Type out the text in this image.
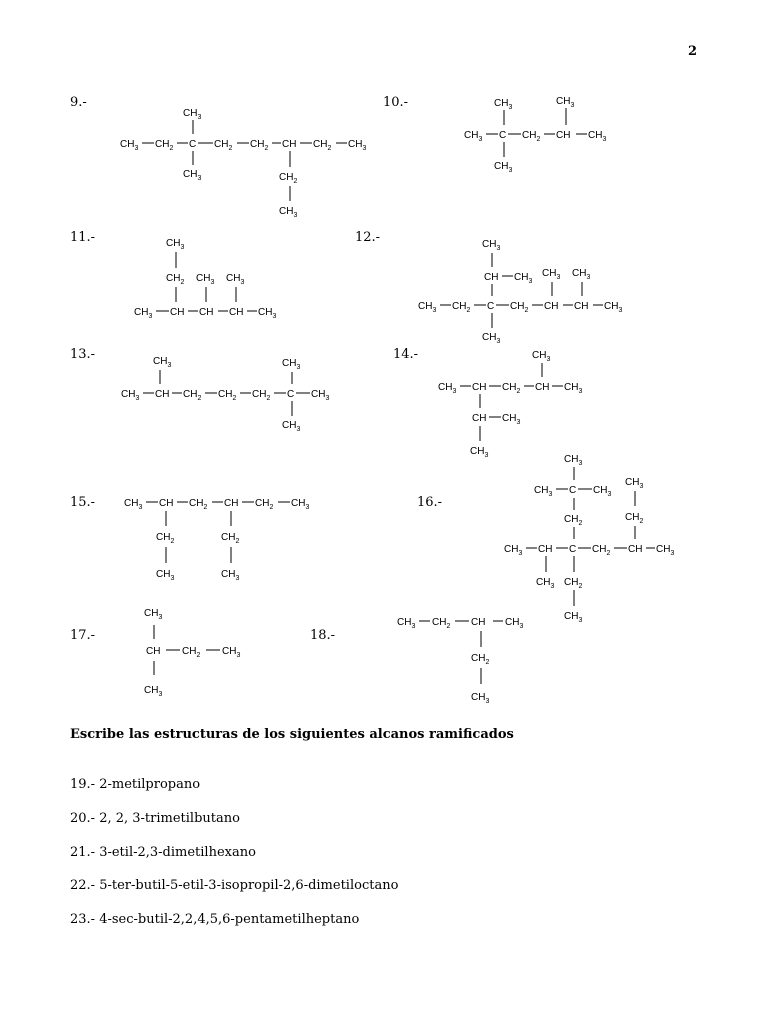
2
9.-
$CH_3$
$CH_3$ $CH_2$ C $CH_2$ $CH_2$ CH $CH_2$ $CH_3$
$CH_3$	$CH_2$
$CH_3$
10.-	$CH_3$
$CH_3$
$CH_3$ C $CH_2$ CH $CH_3$
$CH_3$
11.-	$CH_3$
$CH_2$ $CH_3$ $CH_3$
$CH_3$ CH CH CH $CH_3$
12.-	$CH_3$
CH $CH_3$
$CH_3$ $CH_3$
$CH_3$ $CH_2$ C $CH_2$ CH CH $CH_3$
$CH_3$
13.-	$CH_3$	$CH_3$
$CH_3$ CH $CH_2$ $CH_2$ $CH_2$ C $CH_3$
$CH_3$
14.-	$CH_3$
$CH_3$ CH $CH_2$ CH $CH_3$
CH $CH_3$
$CH_3$
15.-	$CH_3$ CH $CH_2$ CH $CH_2$ $CH_3$
$CH_2$	$CH_2$
$CH_3$	$CH_3$
16.-
$CH_3$
$CH_3$ C $CH_3$
$CH_3$
$CH_2$
$CH_2$
$CH_3$ CH C $CH_2$ CH $CH_3$
$CH_3$ $CH_2$
$CH_3$
17.-
$CH_3$
CH $CH_2$ $CH_3$
$CH_3$
18.-
$CH_3$ $CH_2$ CH $CH_3$
$CH_2$
$CH_3$
Escribe las estructuras de los siguientes alcanos ramificados
19.- 2-metilpropano
20.- 2, 2, 3-trimetilbutano
21.- 3-etil-2,3-dimetilhexano
22.- 5-ter-butil-5-etil-3-isopropil-2,6-dimetiloctano
23.- 4-sec-butil-2,2,4,5,6-pentametilheptano
